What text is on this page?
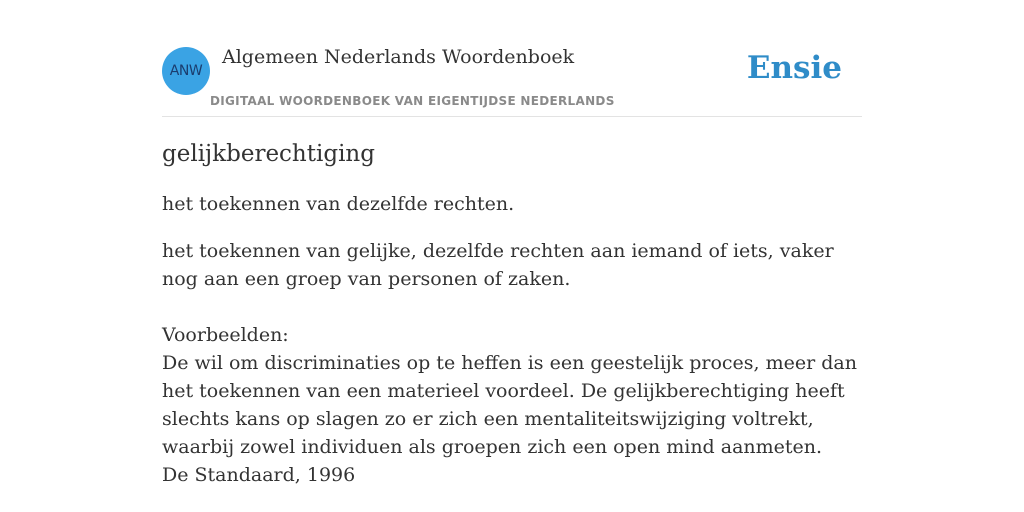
ANW
Algemeen Nederlands Woordenboek
DIGITAAL WOORDENBOEK VAN EIGENTIJDSE NEDERLANDS
Ensie
gelijkberechtiging

het toekennen van dezelfde rechten.

het toekennen van gelijke, dezelfde rechten aan iemand of iets, vaker nog aan een groep van personen of zaken.

Voorbeelden:

De wil om discriminaties op te heffen is een geestelijk proces, meer dan het toekennen van een materieel voordeel. De gelijkberechtiging heeft slechts kans op slagen zo er zich een mentaliteitswijziging voltrekt, waarbij zowel individuen als groepen zich een open mind aanmeten.

De Standaard, 1996
